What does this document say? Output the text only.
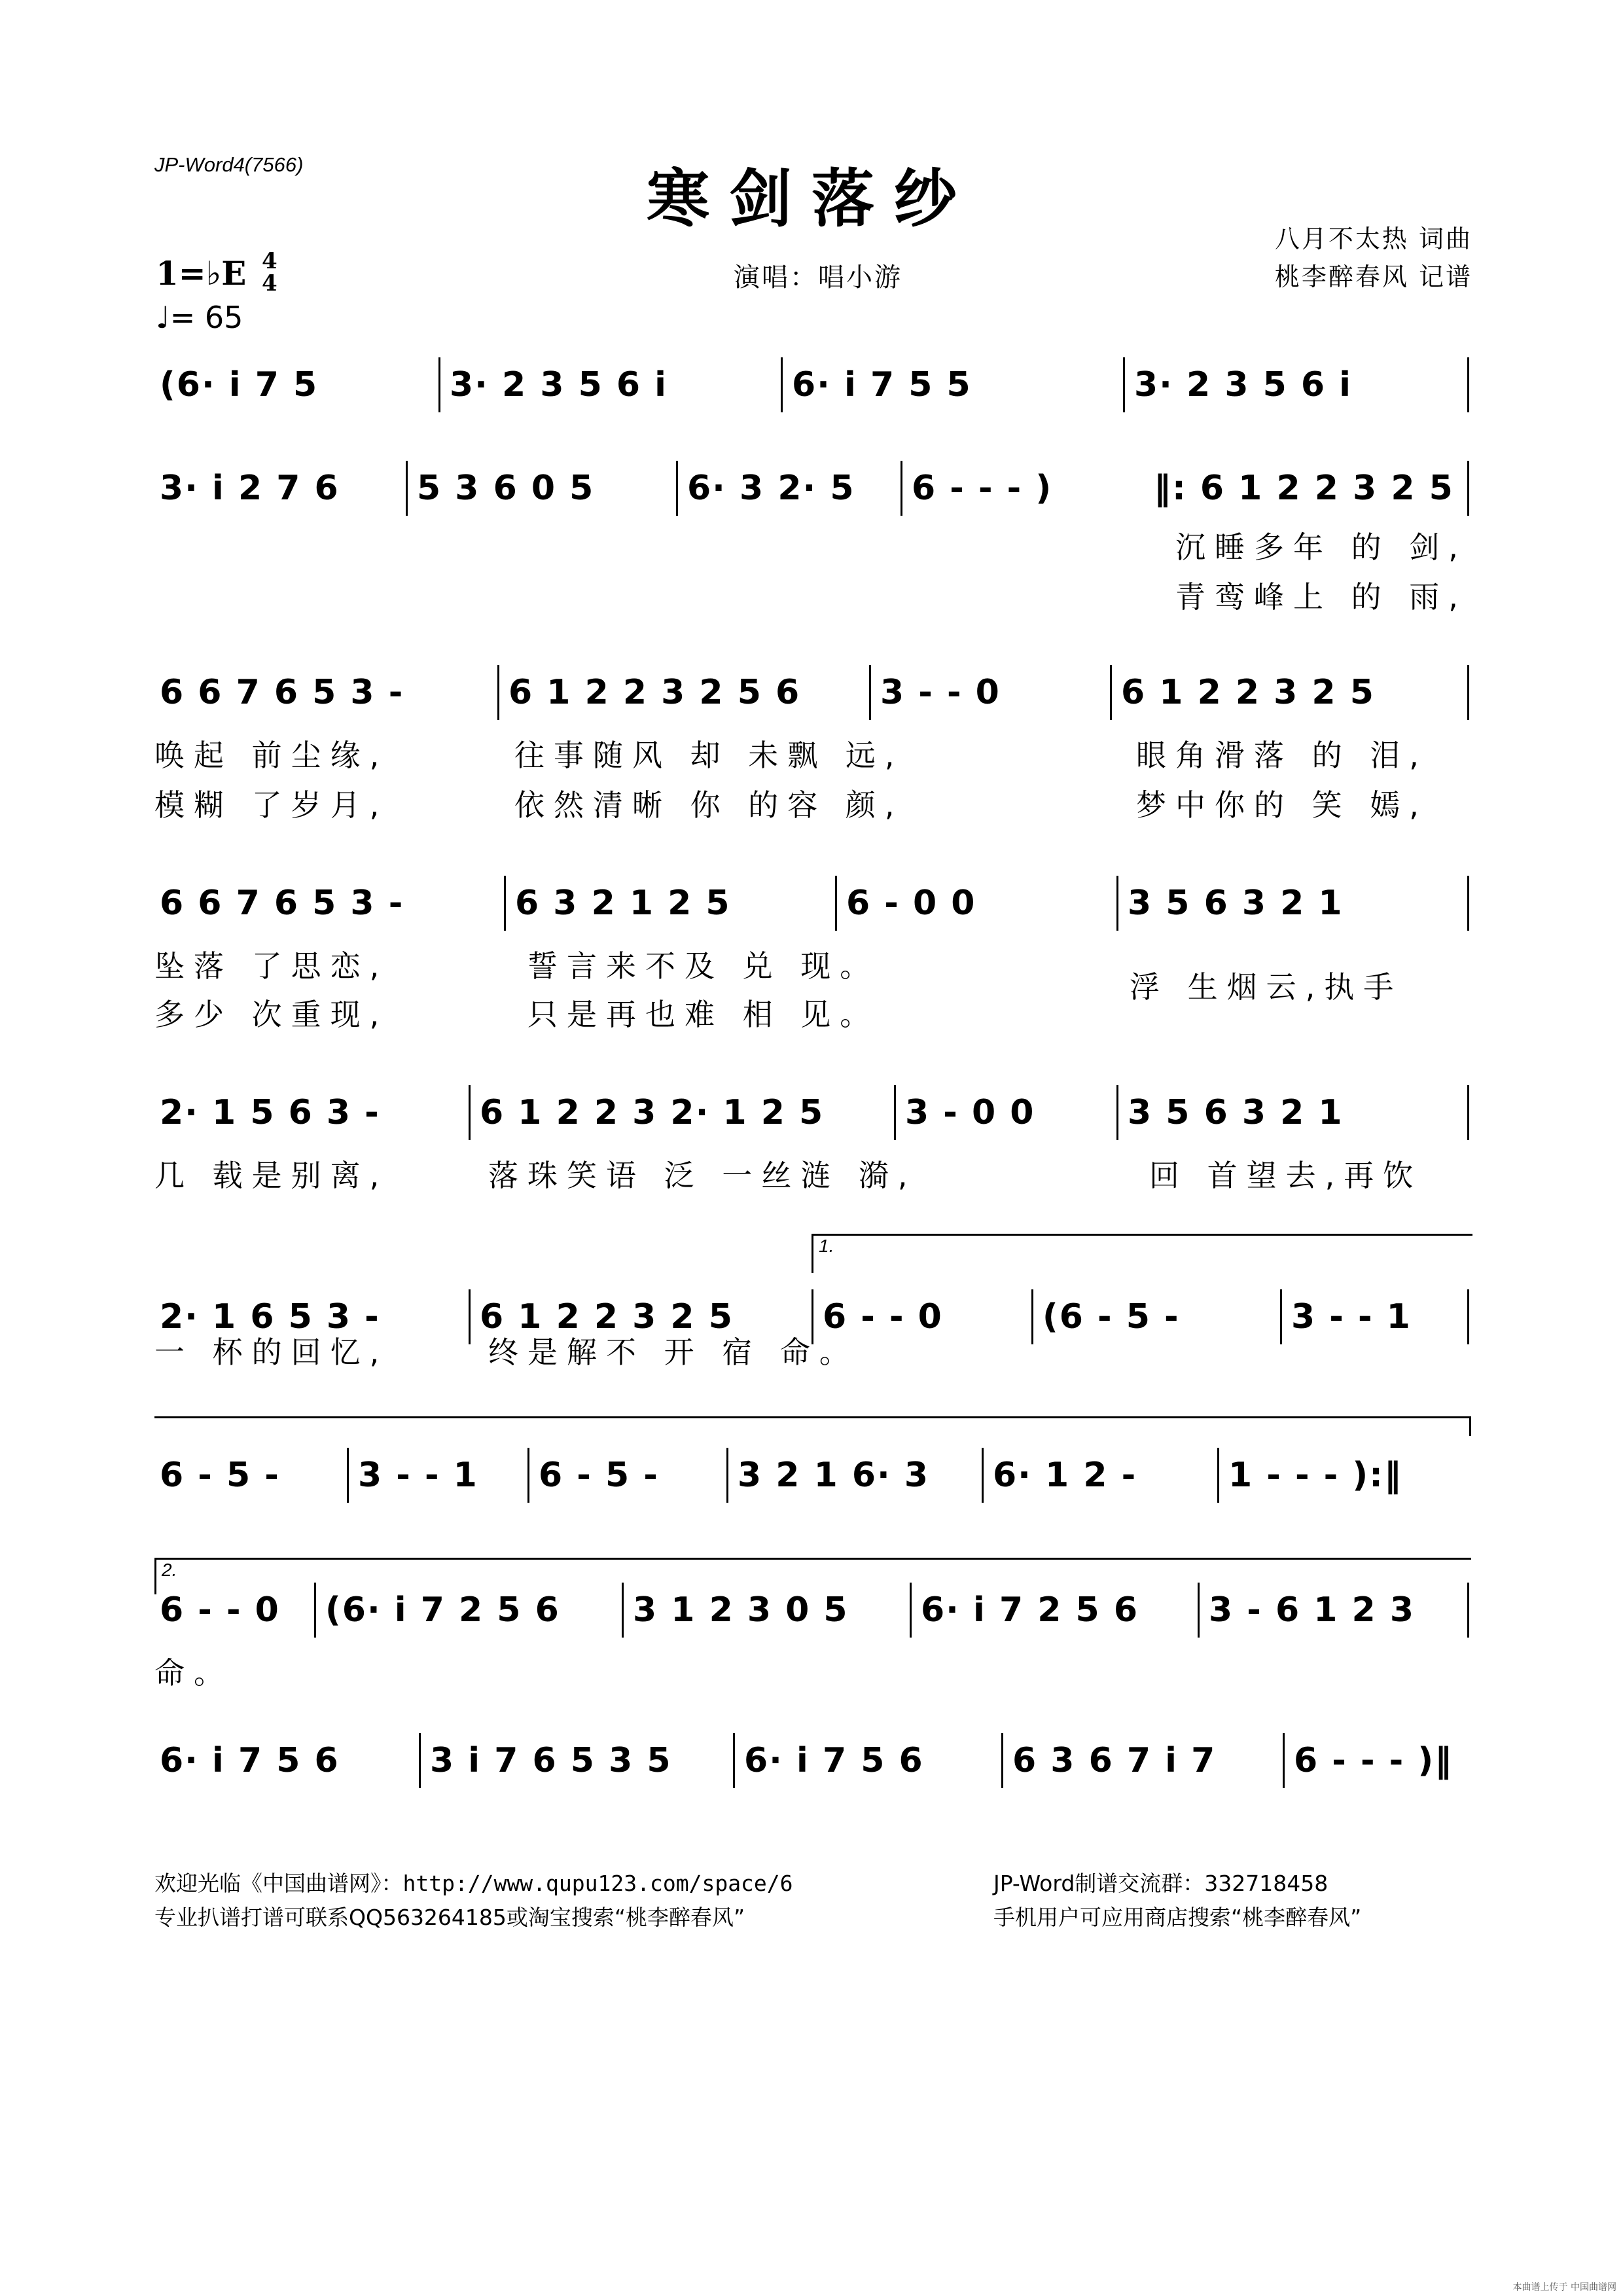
JP-Word4(7566)	寒剑落纱
八月不太热 词曲
桃李醉春风 记谱
演唱：唱小游
1=♭E 4
4
♩= 65
(6· i 7 5	3· 2 3 5 6 i	6· i 7 5 5	3· 2 3 5 6 i
3· i 2 7 6	5 3 6 0 5	6· 3 2· 5	6 - - - )	‖: 6 1 2 2 3 2 5
沉睡多年 的 剑,
青鸾峰上 的 雨,
6 6 7 6 5 3 -	6 1 2 2 3 2 5 6	3 - - 0	6 1 2 2 3 2 5
唤起 前尘缘,	往事随风 却 未飘 远,	眼角滑落 的 泪,
模糊 了岁月,	依然清晰 你 的容 颜,	梦中你的 笑 嫣,
6 6 7 6 5 3 -	6 3 2 1 2 5	6 - 0 0	3 5 6 3 2 1
坠落 了思恋,	誓言来不及 兑 现。
浮 生烟云,执手
多少 次重现,	只是再也难 相 见。
2· 1 5 6 3 -	6 1 2 2 3 2· 1 2 5	3 - 0 0	3 5 6 3 2 1
几 载是别离,	落珠笑语 泛 一丝涟 漪,	回 首望去,再饮
1.
2· 1 6 5 3 -	6 1 2 2 3 2 5	6 - - 0	(6 - 5 -	3 - - 1
一 杯的回忆,	终是解不 开 宿 命。
6 - 5 -	3 - - 1	6 - 5 -	3 2 1 6· 3	6· 1 2 -	1 - - - ):‖
2.
6 - - 0	(6· i 7 2 5 6	3 1 2 3 0 5	6· i 7 2 5 6	3 - 6 1 2 3
命。
6· i 7 5 6	3 i 7 6 5 3 5	6· i 7 5 6	6 3 6 7 i 7	6 - - - )‖
欢迎光临《中国曲谱网》：http://www.qupu123.com/space/6	JP-Word制谱交流群：332718458
专业扒谱打谱可联系QQ563264185或淘宝搜索“桃李醉春风”	手机用户可应用商店搜索“桃李醉春风”
本曲谱上传于 中国曲谱网
